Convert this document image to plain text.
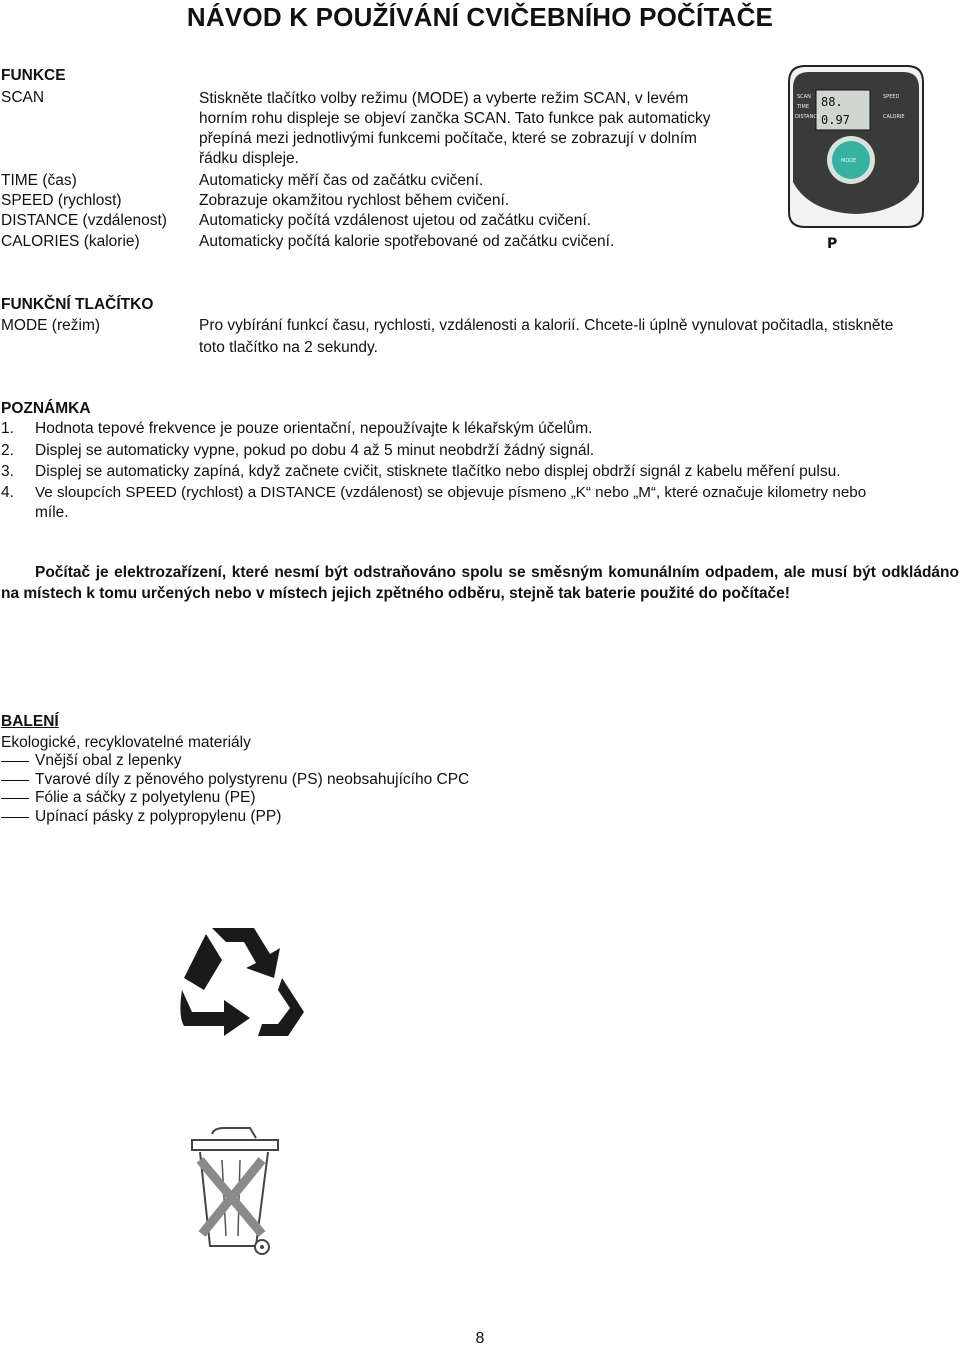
NÁVOD K POUŽÍVÁNÍ CVIČEBNÍHO POČÍTAČE
FUNKCE
SCAN	Stiskněte tlačítko volby režimu (MODE) a vyberte režim SCAN, v levém
horním rohu displeje se objeví zančka SCAN. Tato funkce pak automaticky
přepíná mezi jednotlivými funkcemi počítače, které se zobrazují v dolním
řádku displeje.
TIME (čas)	Automaticky měří čas od začátku cvičení.
SPEED (rychlost)	Zobrazuje okamžitou rychlost během cvičení.
DISTANCE (vzdálenost) Automaticky počítá vzdálenost ujetou od začátku cvičení.
CALORIES (kalorie)	Automaticky počítá kalorie spotřebované od začátku cvičení.
88.
0.97
SCAN
TIME
DISTANCE
SPEED
CALORIE
MODE
P
FUNKČNÍ TLAČÍTKO
MODE (režim)	Pro vybírání funkcí času, rychlosti, vzdálenosti a kalorií. Chcete-li úplně vynulovat počitadla, stiskněte
toto tlačítko na 2 sekundy.
POZNÁMKA
1.	Hodnota tepové frekvence je pouze orientační, nepoužívajte k lékařským účelům.
2.	Displej se automaticky vypne, pokud po dobu 4 až 5 minut neobdrží žádný signál.
3.	Displej se automaticky zapíná, když začnete cvičit, stisknete tlačítko nebo displej obdrží signál z kabelu měření pulsu.
4.	Ve sloupcích SPEED (rychlost) a DISTANCE (vzdálenost) se objevuje písmeno „K“ nebo „M“, které označuje kilometry nebo
míle.
Počítač je elektrozařízení, které nesmí být odstraňováno spolu se směsným komunálním odpadem, ale musí být odkládáno na místech k tomu určených nebo v místech jejich zpětného odběru, stejně tak baterie použité do počítače!
BALENÍ
Ekologické, recyklovatelné materiály
Vnější obal z lepenky
Tvarové díly z pěnového polystyrenu (PS) neobsahujícího CPC
Fólie a sáčky z polyetylenu (PE)
Upínací pásky z polypropylenu (PP)
8
